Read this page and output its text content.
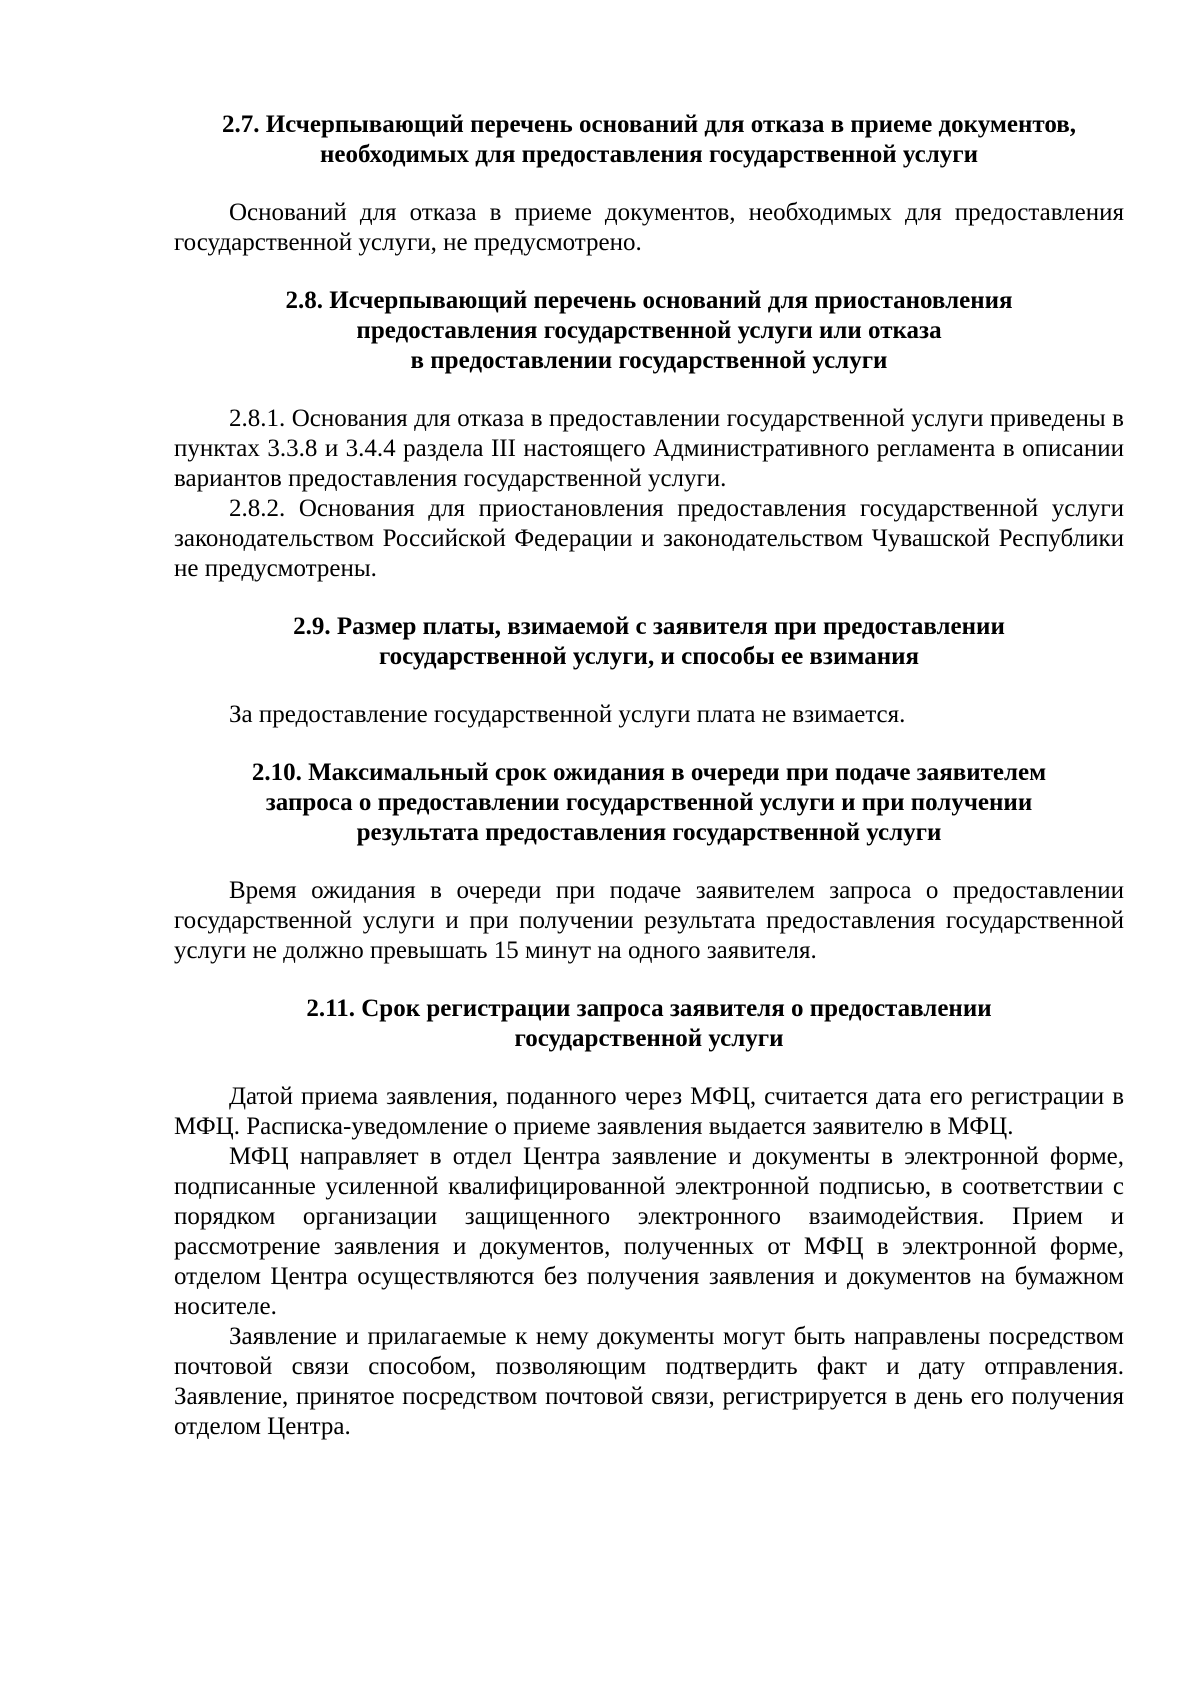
2.7. Исчерпывающий перечень оснований для отказа в приеме документов,
необходимых для предоставления государственной услуги

Оснований для отказа в приеме документов, необходимых для предоставления государственной услуги, не предусмотрено.

2.8. Исчерпывающий перечень оснований для приостановления
предоставления государственной услуги или отказа
в предоставлении государственной услуги

2.8.1. Основания для отказа в предоставлении государственной услуги приведены в пунктах 3.3.8 и 3.4.4 раздела III настоящего Административного регламента в описании вариантов предоставления государственной услуги.

2.8.2. Основания для приостановления предоставления государственной услуги законодательством Российской Федерации и законодательством Чувашской Республики не предусмотрены.

2.9. Размер платы, взимаемой с заявителя при предоставлении
государственной услуги, и способы ее взимания

За предоставление государственной услуги плата не взимается.

2.10. Максимальный срок ожидания в очереди при подаче заявителем
запроса о предоставлении государственной услуги и при получении
результата предоставления государственной услуги

Время ожидания в очереди при подаче заявителем запроса о предоставлении государственной услуги и при получении результата предоставления государственной услуги не должно превышать 15 минут на одного заявителя.

2.11. Срок регистрации запроса заявителя о предоставлении
государственной услуги

Датой приема заявления, поданного через МФЦ, считается дата его регистрации в МФЦ. Расписка-уведомление о приеме заявления выдается заявителю в МФЦ.

МФЦ направляет в отдел Центра заявление и документы в электронной форме, подписанные усиленной квалифицированной электронной подписью, в соответствии с порядком организации защищенного электронного взаимодействия. Прием и рассмотрение заявления и документов, полученных от МФЦ в электронной форме, отделом Центра осуществляются без получения заявления и документов на бумажном носителе.

Заявление и прилагаемые к нему документы могут быть направлены посредством почтовой связи способом, позволяющим подтвердить факт и дату отправления. Заявление, принятое посредством почтовой связи, регистрируется в день его получения отделом Центра.
